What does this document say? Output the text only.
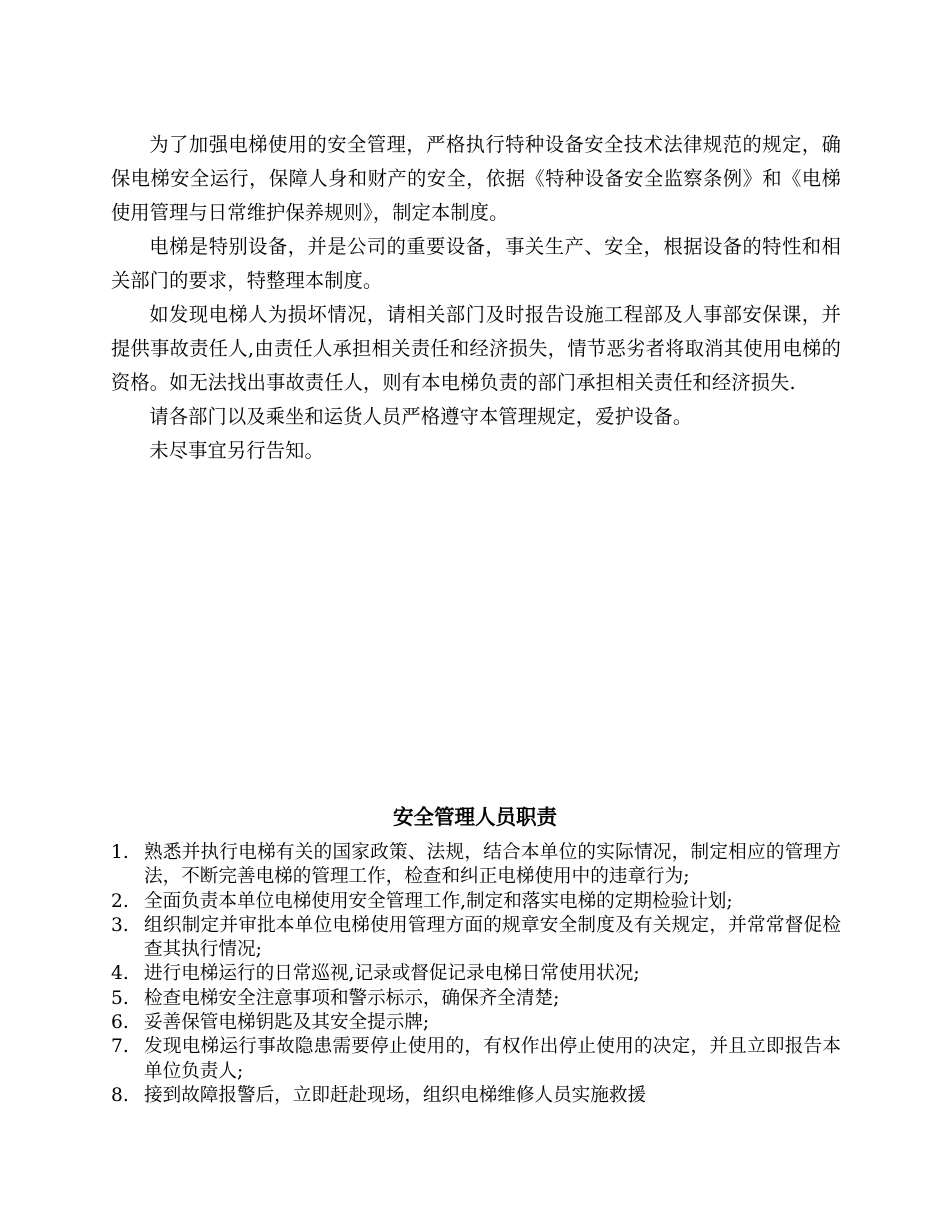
为了加强电梯使用的安全管理，严格执行特种设备安全技术法律规范的规定，确保电梯安全运行，保障人身和财产的安全，依据《特种设备安全监察条例》和《电梯使用管理与日常维护保养规则》，制定本制度。

电梯是特别设备，并是公司的重要设备，事关生产、安全，根据设备的特性和相关部门的要求，特整理本制度。

如发现电梯人为损坏情况，请相关部门及时报告设施工程部及人事部安保课，并提供事故责任人,由责任人承担相关责任和经济损失，情节恶劣者将取消其使用电梯的资格。如无法找出事故责任人，则有本电梯负责的部门承担相关责任和经济损失.

请各部门以及乘坐和运货人员严格遵守本管理规定，爱护设备。

未尽事宜另行告知。

安全管理人员职责
1. 熟悉并执行电梯有关的国家政策、法规，结合本单位的实际情况，制定相应的管理方法，不断完善电梯的管理工作，检查和纠正电梯使用中的违章行为;
2. 全面负责本单位电梯使用安全管理工作,制定和落实电梯的定期检验计划;
3. 组织制定并审批本单位电梯使用管理方面的规章安全制度及有关规定，并常常督促检查其执行情况;
4. 进行电梯运行的日常巡视,记录或督促记录电梯日常使用状况;
5. 检查电梯安全注意事项和警示标示，确保齐全清楚;
6. 妥善保管电梯钥匙及其安全提示牌;
7. 发现电梯运行事故隐患需要停止使用的，有权作出停止使用的决定，并且立即报告本单位负责人;
8. 接到故障报警后，立即赶赴现场，组织电梯维修人员实施救援
